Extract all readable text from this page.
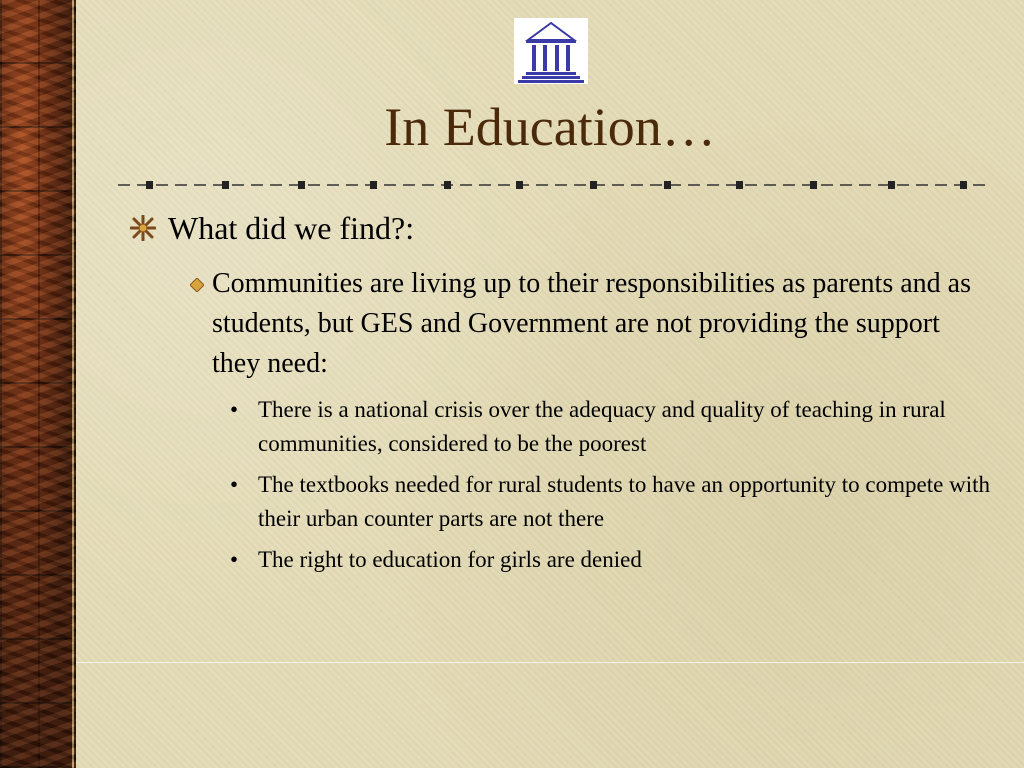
In Education…
What did we find?:
Communities are living up to their responsibilities as parents and as students, but GES and Government are not providing the support they need:
• There is a national crisis over the adequacy and quality of teaching in rural communities, considered to be the poorest
• The textbooks needed for rural students to have an opportunity to compete with their urban counter parts are not there
• The right to education for girls are denied
